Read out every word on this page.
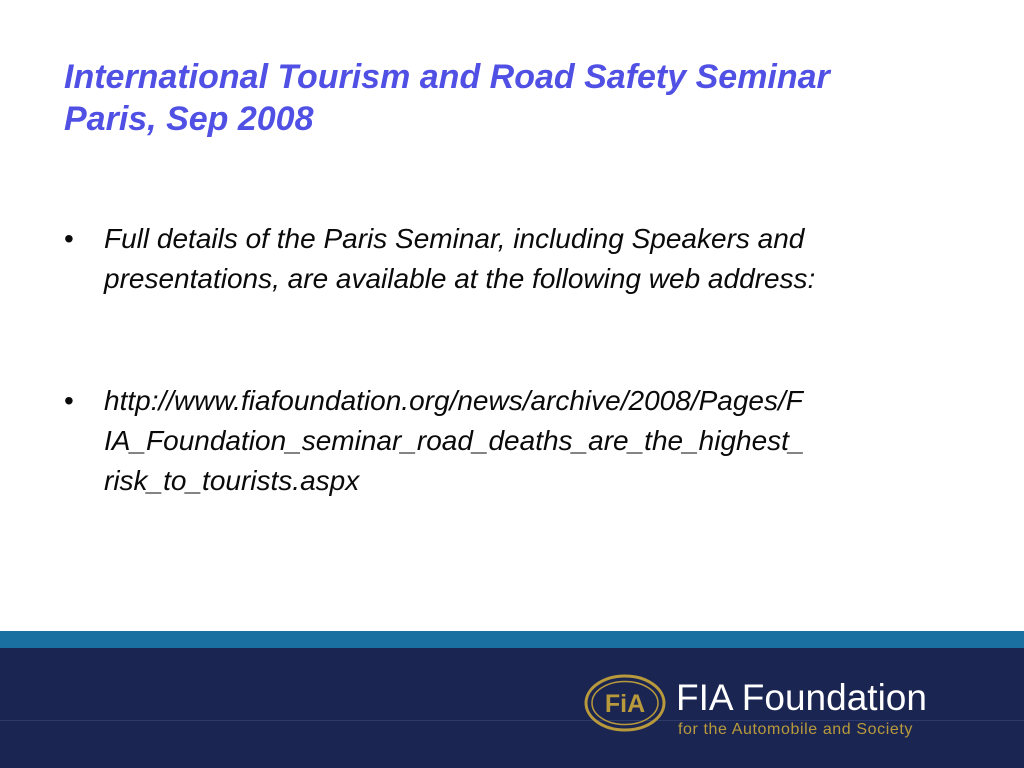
International Tourism and Road Safety Seminar
Paris, Sep 2008
• Full details of the Paris Seminar, including Speakers and presentations, are available at the following web address:
• http://www.fiafoundation.org/news/archive/2008/Pages/F
IA_Foundation_seminar_road_deaths_are_the_highest_
risk_to_tourists.aspx
FiA FIA Foundation
for the Automobile and Society
